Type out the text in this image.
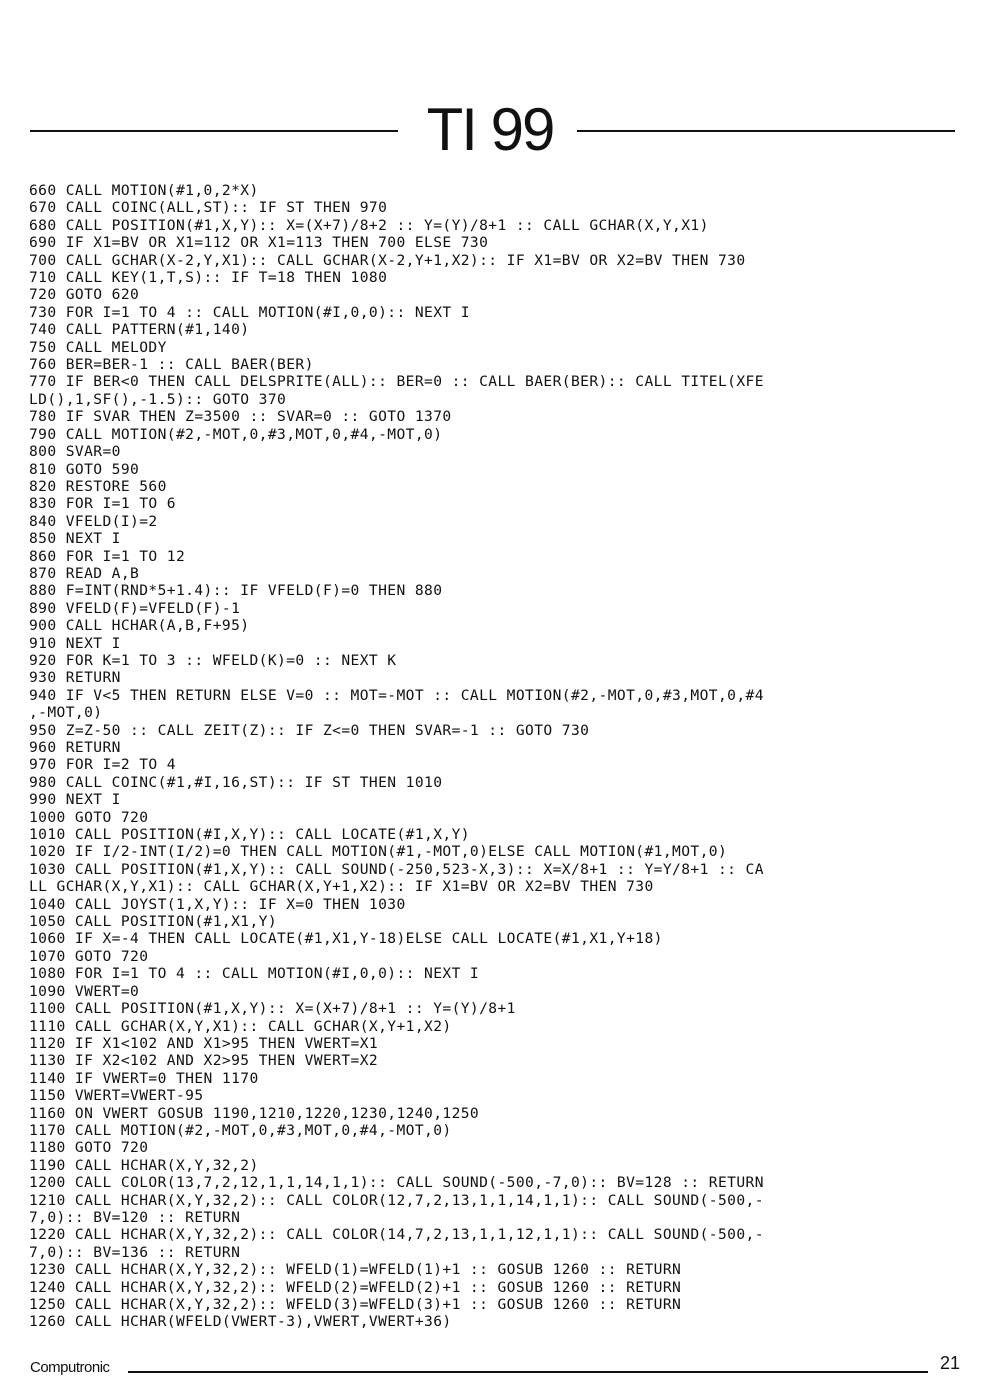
TI 99
660 CALL MOTION(#1,0,2*X)
670 CALL COINC(ALL,ST):: IF ST THEN 970
680 CALL POSITION(#1,X,Y):: X=(X+7)/8+2 :: Y=(Y)/8+1 :: CALL GCHAR(X,Y,X1)
690 IF X1=BV OR X1=112 OR X1=113 THEN 700 ELSE 730
700 CALL GCHAR(X-2,Y,X1):: CALL GCHAR(X-2,Y+1,X2):: IF X1=BV OR X2=BV THEN 730
710 CALL KEY(1,T,S):: IF T=18 THEN 1080
720 GOTO 620
730 FOR I=1 TO 4 :: CALL MOTION(#I,0,0):: NEXT I
740 CALL PATTERN(#1,140)
750 CALL MELODY
760 BER=BER-1 :: CALL BAER(BER)
770 IF BER<0 THEN CALL DELSPRITE(ALL):: BER=0 :: CALL BAER(BER):: CALL TITEL(XFE
LD(),1,SF(),-1.5):: GOTO 370
780 IF SVAR THEN Z=3500 :: SVAR=0 :: GOTO 1370
790 CALL MOTION(#2,-MOT,0,#3,MOT,0,#4,-MOT,0)
800 SVAR=0
810 GOTO 590
820 RESTORE 560
830 FOR I=1 TO 6
840 VFELD(I)=2
850 NEXT I
860 FOR I=1 TO 12
870 READ A,B
880 F=INT(RND*5+1.4):: IF VFELD(F)=0 THEN 880
890 VFELD(F)=VFELD(F)-1
900 CALL HCHAR(A,B,F+95)
910 NEXT I
920 FOR K=1 TO 3 :: WFELD(K)=0 :: NEXT K
930 RETURN
940 IF V<5 THEN RETURN ELSE V=0 :: MOT=-MOT :: CALL MOTION(#2,-MOT,0,#3,MOT,0,#4
,-MOT,0)
950 Z=Z-50 :: CALL ZEIT(Z):: IF Z<=0 THEN SVAR=-1 :: GOTO 730
960 RETURN
970 FOR I=2 TO 4
980 CALL COINC(#1,#I,16,ST):: IF ST THEN 1010
990 NEXT I
1000 GOTO 720
1010 CALL POSITION(#I,X,Y):: CALL LOCATE(#1,X,Y)
1020 IF I/2-INT(I/2)=0 THEN CALL MOTION(#1,-MOT,0)ELSE CALL MOTION(#1,MOT,0)
1030 CALL POSITION(#1,X,Y):: CALL SOUND(-250,523-X,3):: X=X/8+1 :: Y=Y/8+1 :: CA
LL GCHAR(X,Y,X1):: CALL GCHAR(X,Y+1,X2):: IF X1=BV OR X2=BV THEN 730
1040 CALL JOYST(1,X,Y):: IF X=0 THEN 1030
1050 CALL POSITION(#1,X1,Y)
1060 IF X=-4 THEN CALL LOCATE(#1,X1,Y-18)ELSE CALL LOCATE(#1,X1,Y+18)
1070 GOTO 720
1080 FOR I=1 TO 4 :: CALL MOTION(#I,0,0):: NEXT I
1090 VWERT=0
1100 CALL POSITION(#1,X,Y):: X=(X+7)/8+1 :: Y=(Y)/8+1
1110 CALL GCHAR(X,Y,X1):: CALL GCHAR(X,Y+1,X2)
1120 IF X1<102 AND X1>95 THEN VWERT=X1
1130 IF X2<102 AND X2>95 THEN VWERT=X2
1140 IF VWERT=0 THEN 1170
1150 VWERT=VWERT-95
1160 ON VWERT GOSUB 1190,1210,1220,1230,1240,1250
1170 CALL MOTION(#2,-MOT,0,#3,MOT,0,#4,-MOT,0)
1180 GOTO 720
1190 CALL HCHAR(X,Y,32,2)
1200 CALL COLOR(13,7,2,12,1,1,14,1,1):: CALL SOUND(-500,-7,0):: BV=128 :: RETURN
1210 CALL HCHAR(X,Y,32,2):: CALL COLOR(12,7,2,13,1,1,14,1,1):: CALL SOUND(-500,-
7,0):: BV=120 :: RETURN
1220 CALL HCHAR(X,Y,32,2):: CALL COLOR(14,7,2,13,1,1,12,1,1):: CALL SOUND(-500,-
7,0):: BV=136 :: RETURN
1230 CALL HCHAR(X,Y,32,2):: WFELD(1)=WFELD(1)+1 :: GOSUB 1260 :: RETURN
1240 CALL HCHAR(X,Y,32,2):: WFELD(2)=WFELD(2)+1 :: GOSUB 1260 :: RETURN
1250 CALL HCHAR(X,Y,32,2):: WFELD(3)=WFELD(3)+1 :: GOSUB 1260 :: RETURN
1260 CALL HCHAR(WFELD(VWERT-3),VWERT,VWERT+36)
Computronic	21
